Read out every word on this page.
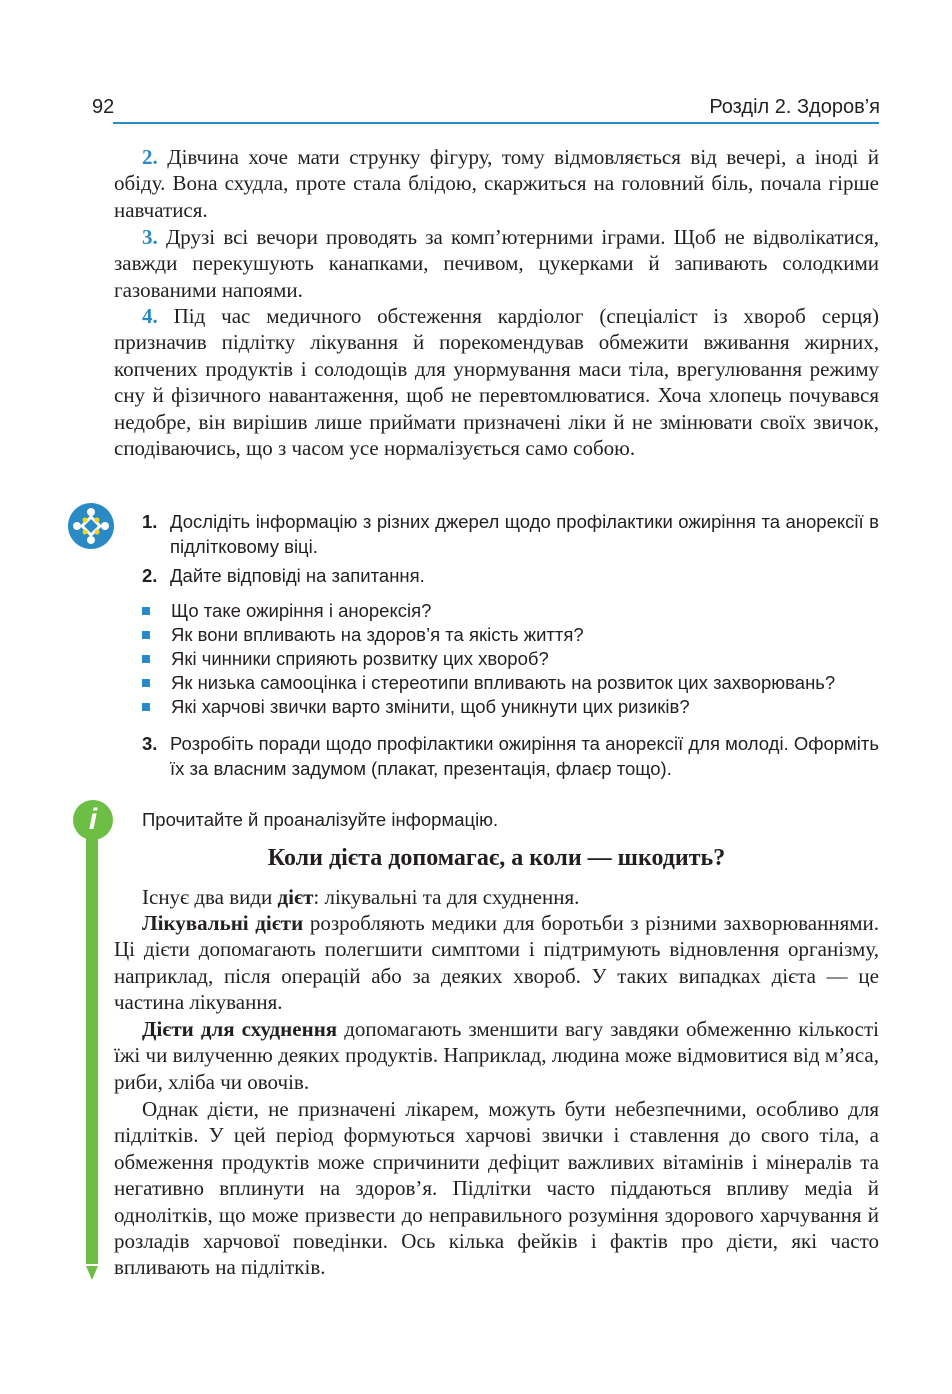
92	Розділ 2. Здоров’я
2. Дівчина хоче мати струнку фігуру, тому відмовляється від вечері, а іноді й обіду. Вона схудла, проте стала блідою, скаржиться на головний біль, почала гірше навчатися.
3. Друзі всі вечори проводять за комп’ютерними іграми. Щоб не відволікатися, завжди перекушують канапками, печивом, цукерками й запивають солодкими газованими напоями.
4. Під час медичного обстеження кардіолог (спеціаліст із хвороб серця) призначив підлітку лікування й порекомендував обмежити вживання жирних, копчених продуктів і солодощів для унормування маси тіла, врегулювання режиму сну й фізичного навантаження, щоб не перевтомлюватися. Хоча хлопець почувався недобре, він вирішив лише приймати призначені ліки й не змінювати своїх звичок, сподіваючись, що з часом усе нормалізується само собою.
1. Дослідіть інформацію з різних джерел щодо профілактики ожиріння та анорексії в підлітковому віці.
2. Дайте відповіді на запитання.
Що таке ожиріння і анорексія?
Як вони впливають на здоров’я та якість життя?
Які чинники сприяють розвитку цих хвороб?
Як низька самооцінка і стереотипи впливають на розвиток цих захворювань?
Які харчові звички варто змінити, щоб уникнути цих ризиків?
3. Розробіть поради щодо профілактики ожиріння та анорексії для молоді. Оформіть їх за власним задумом (плакат, презентація, флаєр тощо).
i	Прочитайте й проаналізуйте інформацію.
Коли дієта допомагає, а коли — шкодить?
Існує два види дієт: лікувальні та для схуднення.
Лікувальні дієти розробляють медики для боротьби з різними захворюваннями. Ці дієти допомагають полегшити симптоми і підтримують відновлення організму, наприклад, після операцій або за деяких хвороб. У таких випадках дієта — це частина лікування.
Дієти для схуднення допомагають зменшити вагу завдяки обмеженню кількості їжі чи вилученню деяких продуктів. Наприклад, людина може відмовитися від м’яса, риби, хліба чи овочів.
Однак дієти, не призначені лікарем, можуть бути небезпечними, особливо для підлітків. У цей період формуються харчові звички і ставлення до свого тіла, а обмеження продуктів може спричинити дефіцит важливих вітамінів і мінералів та негативно вплинути на здоров’я. Підлітки часто піддаються впливу медіа й однолітків, що може призвести до неправильного розуміння здорового харчування й розладів харчової поведінки. Ось кілька фейків і фактів про дієти, які часто впливають на підлітків.
